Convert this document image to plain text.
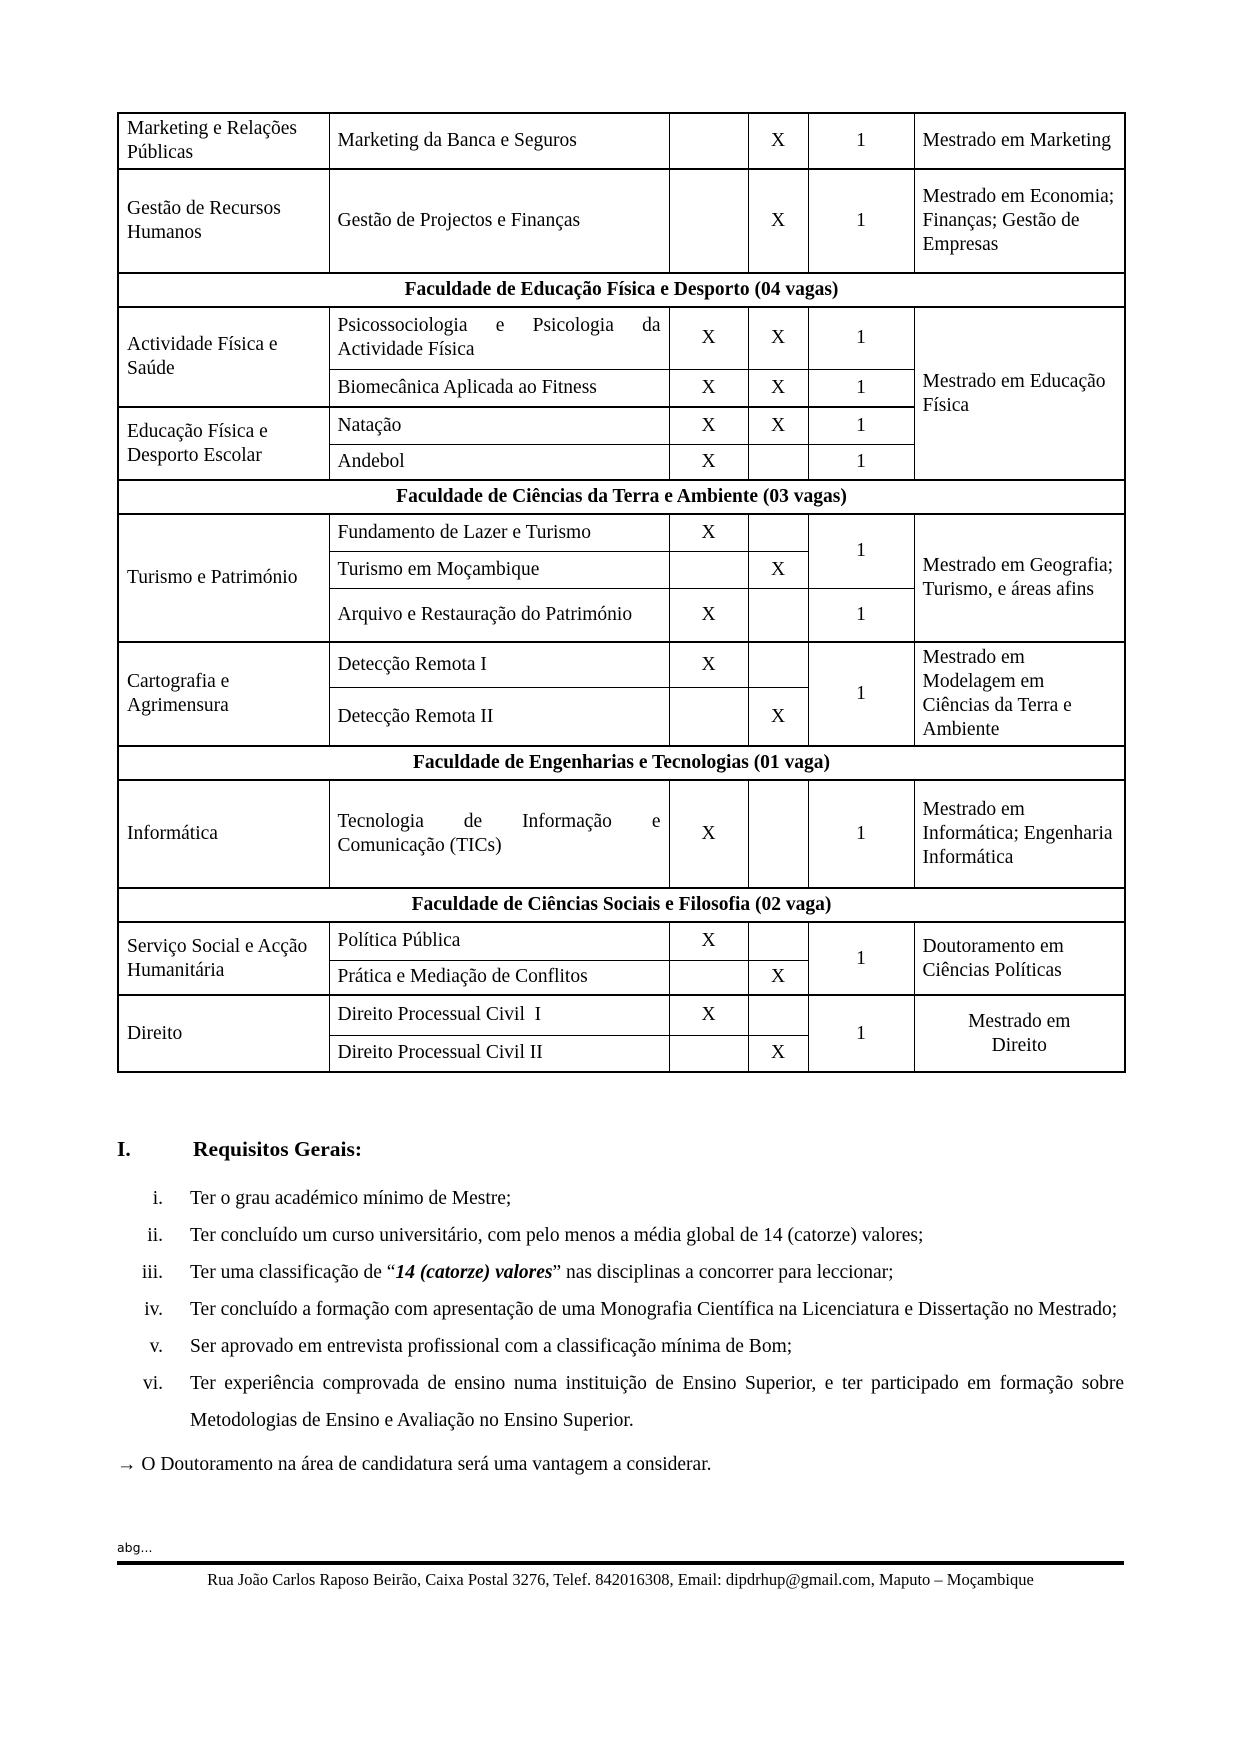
Marketing e Relações Públicas	Marketing da Banca e Seguros		X	1	Mestrado em Marketing
Gestão de Recursos Humanos	Gestão de Projectos e Finanças		X	1	Mestrado em Economia; Finanças; Gestão de Empresas
Faculdade de Educação Física e Desporto (04 vagas)					
Actividade Física e Saúde	Psicossociologia e Psicologia da Actividade Física	X	X	1	Mestrado em Educação Física
	Biomecânica Aplicada ao Fitness	X	X	1	
Educação Física e Desporto Escolar	Natação	X	X	1	
	Andebol	X		1	
Faculdade de Ciências da Terra e Ambiente (03 vagas)					
Turismo e Património	Fundamento de Lazer e Turismo	X		1	Mestrado em Geografia; Turismo, e áreas afins
	Turismo em Moçambique		X		
	Arquivo e Restauração do Património	X		1	
Cartografia e Agrimensura	Detecção Remota I	X		1	Mestrado em Modelagem em Ciências da Terra e Ambiente
	Detecção Remota II		X		
Faculdade de Engenharias e Tecnologias (01 vaga)					
Informática	Tecnologia de Informação e Comunicação (TICs)	X		1	Mestrado em Informática; Engenharia Informática
Faculdade de Ciências Sociais e Filosofia (02 vaga)					
Serviço Social e Acção Humanitária	Política Pública	X		1	Doutoramento em Ciências Políticas
	Prática e Mediação de Conflitos		X		
Direito	Direito Processual Civil  I	X		1	Mestrado em Direito
	Direito Processual Civil II		X		
I.	Requisitos Gerais:
i. Ter o grau académico mínimo de Mestre;
ii. Ter concluído um curso universitário, com pelo menos a média global de 14 (catorze) valores;
iii. Ter uma classificação de “14 (catorze) valores” nas disciplinas a concorrer para leccionar;
iv. Ter concluído a formação com apresentação de uma Monografia Científica na Licenciatura e Dissertação no Mestrado;
v. Ser aprovado em entrevista profissional com a classificação mínima de Bom;
vi. Ter experiência comprovada de ensino numa instituição de Ensino Superior, e ter participado em formação sobre Metodologias de Ensino e Avaliação no Ensino Superior.
→ O Doutoramento na área de candidatura será uma vantagem a considerar.
abg...
Rua João Carlos Raposo Beirão, Caixa Postal 3276, Telef. 842016308, Email: dipdrhup@gmail.com, Maputo – Moçambique
